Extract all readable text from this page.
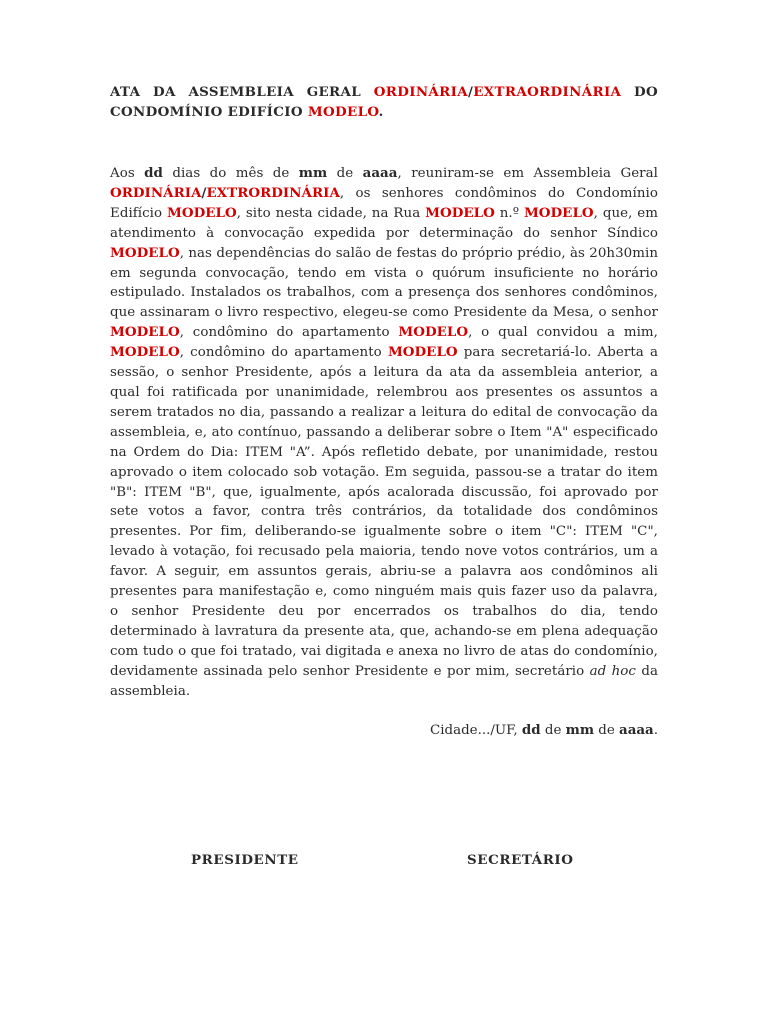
ATA DA ASSEMBLEIA GERAL ORDINÁRIA/EXTRAORDINÁRIA DO CONDOMÍNIO EDIFÍCIO MODELO.

Aos dd dias do mês de mm de aaaa, reuniram-se em Assembleia Geral ORDINÁRIA/EXTRORDINÁRIA, os senhores condôminos do Condomínio Edifício MODELO, sito nesta cidade, na Rua MODELO n.º MODELO, que, em atendimento à convocação expedida por determinação do senhor Síndico MODELO, nas dependências do salão de festas do próprio prédio, às 20h30min em segunda convocação, tendo em vista o quórum insuficiente no horário estipulado. Instalados os trabalhos, com a presença dos senhores condôminos, que assinaram o livro respectivo, elegeu-se como Presidente da Mesa, o senhor MODELO, condômino do apartamento MODELO, o qual convidou a mim, MODELO, condômino do apartamento MODELO para secretariá-lo. Aberta a sessão, o senhor Presidente, após a leitura da ata da assembleia anterior, a qual foi ratificada por unanimidade, relembrou aos presentes os assuntos a serem tratados no dia, passando a realizar a leitura do edital de convocação da assembleia, e, ato contínuo, passando a deliberar sobre o Item "A" especificado na Ordem do Dia: ITEM "A”. Após refletido debate, por unanimidade, restou aprovado o item colocado sob votação. Em seguida, passou-se a tratar do item "B": ITEM "B", que, igualmente, após acalorada discussão, foi aprovado por sete votos a favor, contra três contrários, da totalidade dos condôminos presentes. Por fim, deliberando-se igualmente sobre o item "C": ITEM "C", levado à votação, foi recusado pela maioria, tendo nove votos contrários, um a favor. A seguir, em assuntos gerais, abriu-se a palavra aos condôminos ali presentes para manifestação e, como ninguém mais quis fazer uso da palavra, o senhor Presidente deu por encerrados os trabalhos do dia, tendo determinado à lavratura da presente ata, que, achando-se em plena adequação com tudo o que foi tratado, vai digitada e anexa no livro de atas do condomínio, devidamente assinada pelo senhor Presidente e por mim, secretário ad hoc da assembleia.

Cidade.../UF, dd de mm de aaaa.
PRESIDENTE	SECRETÁRIO
